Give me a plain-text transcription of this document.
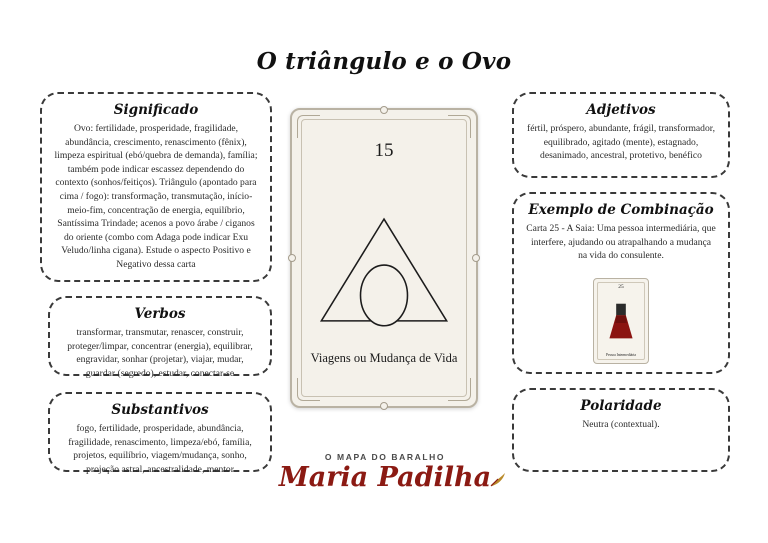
O triângulo e o Ovo
Significado

Ovo: fertilidade, prosperidade, fragilidade, abundância, crescimento, renascimento (fênix), limpeza espiritual (ebó/quebra de demanda), família; também pode indicar escassez dependendo do contexto (sonhos/feitiços). Triângulo (apontado para cima / fogo): transformação, transmutação, início-meio-fim, concentração de energia, equilíbrio, Santíssima Trindade; acenos a povo árabe / ciganos do oriente (combo com Adaga pode indicar Exu Veludo/linha cigana). Estude o aspecto Positivo e Negativo dessa carta

Verbos

transformar, transmutar, renascer, construir, proteger/limpar, concentrar (energia), equilibrar, engravidar, sonhar (projetar), viajar, mudar, guardar (segredo), estudar, conectar-se

Substantivos

fogo, fertilidade, prosperidade, abundância, fragilidade, renascimento, limpeza/ebó, família, projetos, equilíbrio, viagem/mudança, sonho, projeção astral, ancestralidade, mentor

Adjetivos

fértil, próspero, abundante, frágil, transformador, equilibrado, agitado (mente), estagnado, desanimado, ancestral, protetivo, benéfico

Exemplo de Combinação

Carta 25 - A Saia: Uma pessoa intermediária, que interfere, ajudando ou atrapalhando a mudança na vida do consulente.

25
Pessoa Intermediária
Polaridade

Neutra (contextual).

15
Viagens ou Mudança de Vida
O MAPA DO BARALHO
Maria Padilha
